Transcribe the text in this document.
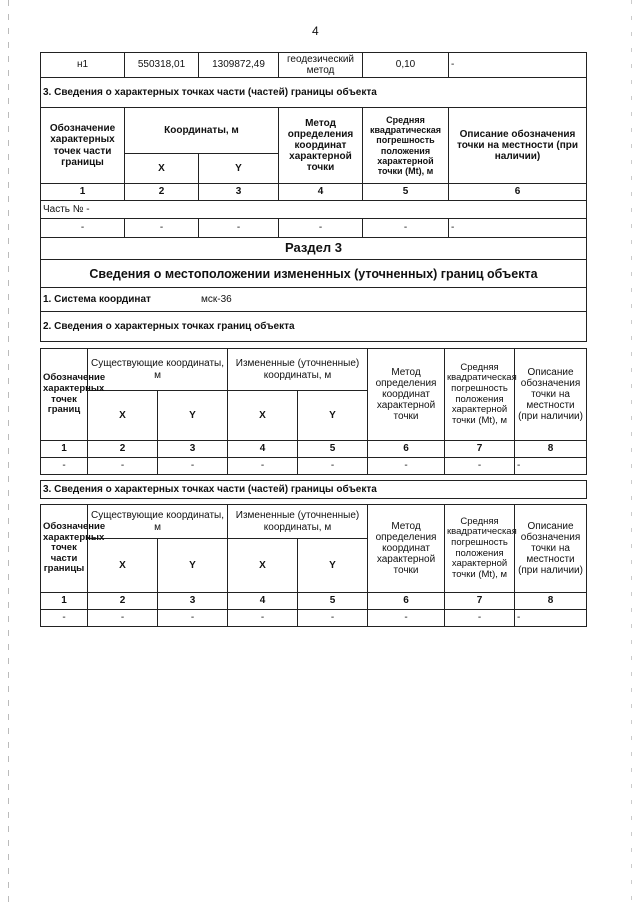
4
н1	550318,01	1309872,49	геодезический метод	0,10	-
3. Сведения о характерных точках части (частей) границы объекта					
Обозначение характерных точек части границы	Координаты, м		Метод определения координат характерной точки	Средняя квадратическая погрешность положения характерной точки (Mt), м	Описание обозначения точки на местности (при наличии)
	X	Y			
1	2	3	4	5	6
Часть № -					
-	-	-	-	-	-
Раздел 3					
Сведения о местоположении измененных (уточненных) границ объекта					
1. Система координат мск-36					
2. Сведения о характерных точках границ объекта					
Обозначение характерных точек границ	Существующие координаты, м		Измененные (уточненные) координаты, м		Метод определения координат характерной точки	Средняя квадратическая погрешность положения характерной точки (Mt), м	Описание обозначения точки на местности (при наличии)
	X	Y	X	Y			
1	2	3	4	5	6	7	8
-	-	-	-	-	-	-	-

3. Сведения о характерных точках части (частей) границы объекта							
Обозначение характерных точек части границы	Существующие координаты, м		Измененные (уточненные) координаты, м		Метод определения координат характерной точки	Средняя квадратическая погрешность положения характерной точки (Mt), м	Описание обозначения точки на местности (при наличии)
	X	Y	X	Y			
1	2	3	4	5	6	7	8
-	-	-	-	-	-	-	-
